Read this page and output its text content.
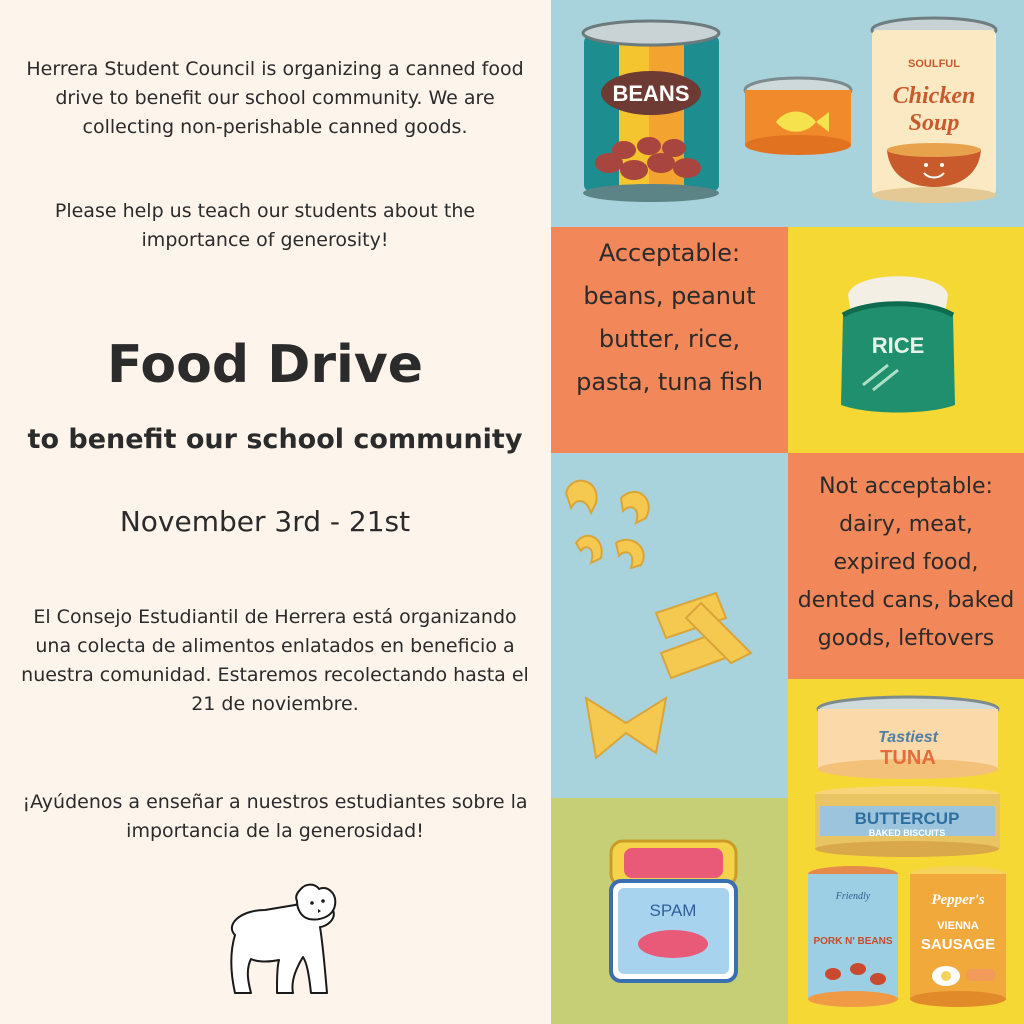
Herrera Student Council is organizing a canned food drive to benefit our school community. We are collecting non-perishable canned goods.
Please help us teach our students about the importance of generosity!
Food Drive
to benefit our school community
November 3rd - 21st
El Consejo Estudiantil de Herrera está organizando una colecta de alimentos enlatados en beneficio a nuestra comunidad. Estaremos recolectando hasta el 21 de noviembre.
¡Ayúdenos a enseñar a nuestros estudiantes sobre la importancia de la generosidad!
BEANS
SOULFUL
Chicken
Soup
Acceptable:
beans, peanut butter, rice, pasta, tuna fish
RICE
Not acceptable:
dairy, meat, expired food, dented cans, baked goods, leftovers
SPAM
Tastiest
TUNA
BUTTERCUP
BAKED BISCUITS
Friendly
PORK N' BEANS
Pepper's
VIENNA
SAUSAGE
